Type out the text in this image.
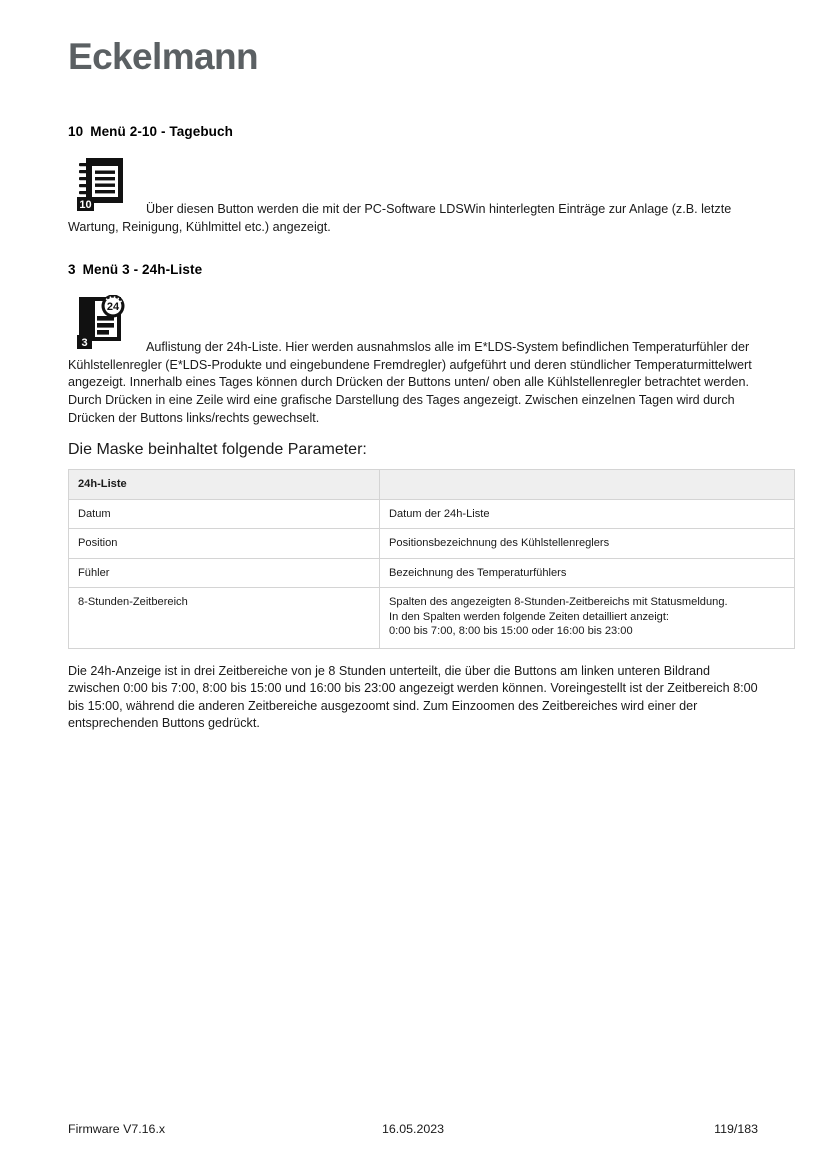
Eckelmann
10 Menü 2-10 - Tagebuch
10	Über diesen Button werden die mit der PC-Software LDSWin hinterlegten Einträge zur Anlage (z.B. letzte Wartung, Reinigung, Kühlmittel etc.) angezeigt.
3 Menü 3 - 24h-Liste
24
3	Auflistung der 24h-Liste. Hier werden ausnahmslos alle im E*LDS-System befindlichen Temperaturfühler der Kühlstellenregler (E*LDS-Produkte und eingebundene Fremdregler) aufgeführt und deren stündlicher Temperaturmittelwert angezeigt. Innerhalb eines Tages können durch Drücken der Buttons unten/ oben alle Kühlstellenregler betrachtet werden. Durch Drücken in eine Zeile wird eine grafische Darstellung des Tages angezeigt. Zwischen einzelnen Tagen wird durch Drücken der Buttons links/rechts gewechselt.
Die Maske beinhaltet folgende Parameter:
24h-Liste	
Datum	Datum der 24h-Liste

Position	Positionsbezeichnung des Kühlstellenreglers

Fühler	Bezeichnung des Temperaturfühlers

8-Stunden-Zeitbereich	Spalten des angezeigten 8-Stunden-Zeitbereichs mit Statusmeldung.
In den Spalten werden folgende Zeiten detailliert anzeigt:
0:00 bis 7:00, 8:00 bis 15:00 oder 16:00 bis 23:00

Die 24h-Anzeige ist in drei Zeitbereiche von je 8 Stunden unterteilt, die über die Buttons am linken unteren Bildrand zwischen 0:00 bis 7:00, 8:00 bis 15:00 und 16:00 bis 23:00 angezeigt werden können. Voreingestellt ist der Zeitbereich 8:00 bis 15:00, während die anderen Zeitbereiche ausgezoomt sind. Zum Einzoomen des Zeitbereiches wird einer der entsprechenden Buttons gedrückt.

Firmware V7.16.x	16.05.2023	119/183
